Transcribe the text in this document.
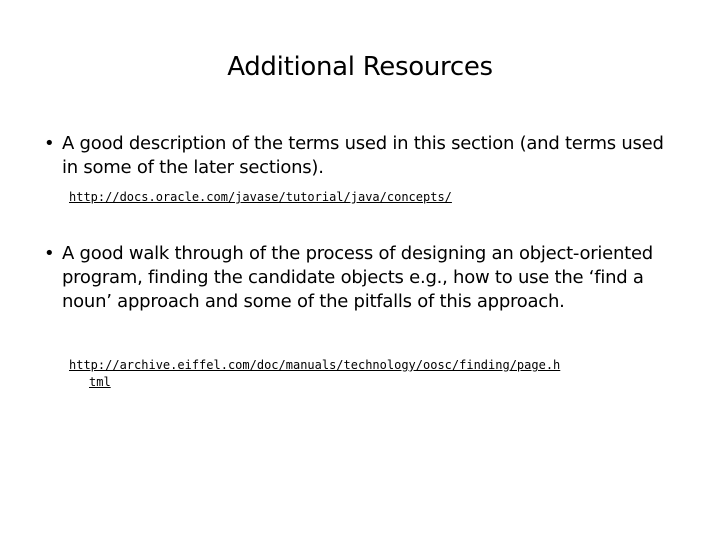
Additional Resources
• A good description of the terms used in this section (and terms used in some of the later sections).
http://docs.oracle.com/javase/tutorial/java/concepts/
• A good walk through of the process of designing an object-oriented program, finding the candidate objects e.g., how to use the ‘find a noun’ approach and some of the pitfalls of this approach.
http://archive.eiffel.com/doc/manuals/technology/oosc/finding/page.h
tml
